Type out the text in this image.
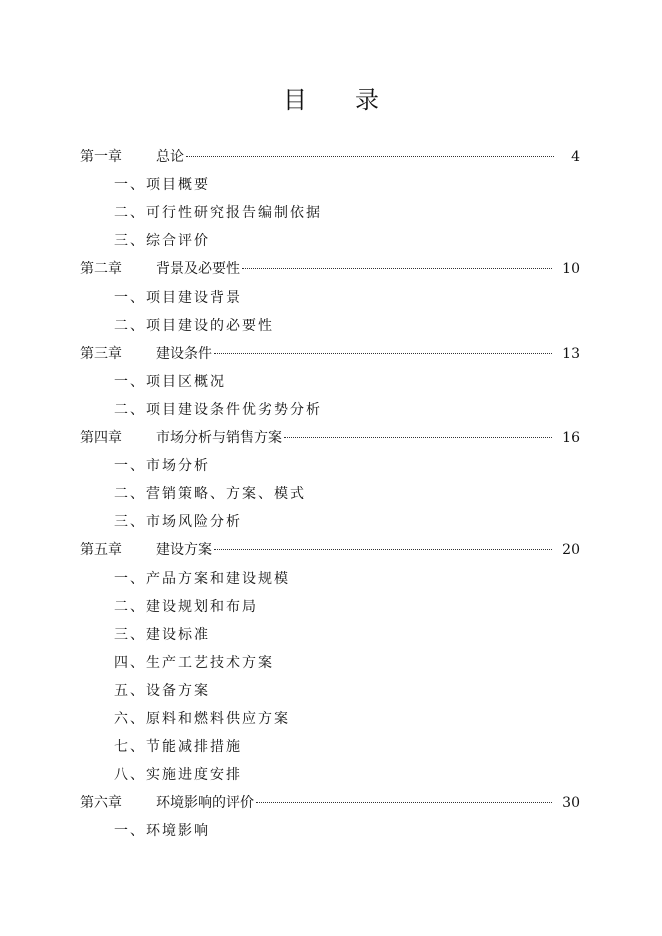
目 录
第一章	总论	4
一、项目概要
二、可行性研究报告编制依据
三、综合评价
第二章	背景及必要性	10
一、项目建设背景
二、项目建设的必要性
第三章	建设条件	13
一、项目区概况
二、项目建设条件优劣势分析
第四章	市场分析与销售方案	16
一、市场分析
二、营销策略、方案、模式
三、市场风险分析
第五章	建设方案	20
一、产品方案和建设规模
二、建设规划和布局
三、建设标准
四、生产工艺技术方案
五、设备方案
六、原料和燃料供应方案
七、节能减排措施
八、实施进度安排
第六章	环境影响的评价	30
一、环境影响
